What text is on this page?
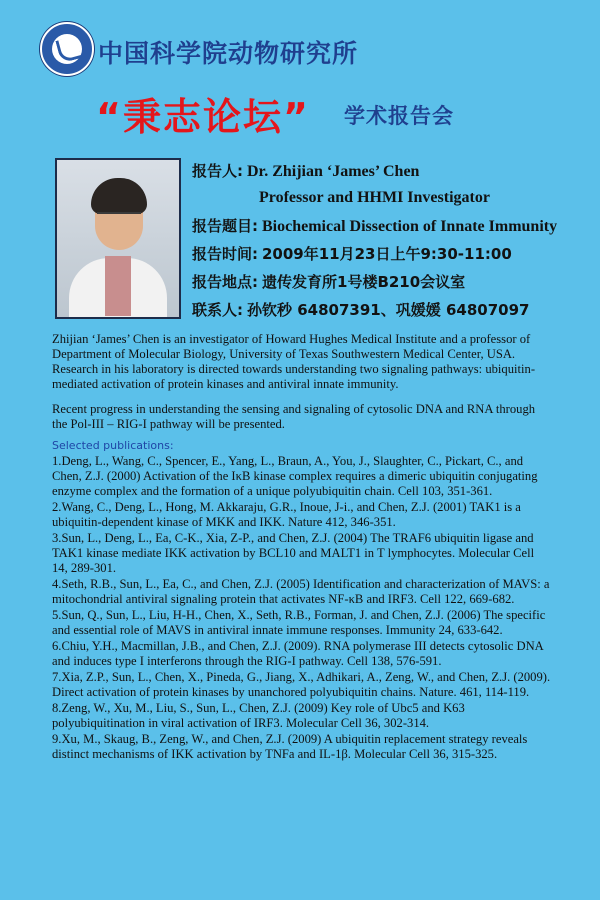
中国科学院动物研究所
“秉志论坛” 学术报告会
报告人: Dr. Zhijian ‘James’ Chen
Professor and HHMI Investigator
报告题目: Biochemical Dissection of Innate Immunity
报告时间: 2009年11月23日上午9:30-11:00
报告地点: 遗传发育所1号楼B210会议室
联系人: 孙钦秒 64807391、巩媛媛 64807097

Zhijian ‘James’ Chen is an investigator of Howard Hughes Medical Institute and a professor of Department of Molecular Biology, University of Texas Southwestern Medical Center, USA. Research in his laboratory is directed towards understanding two signaling pathways: ubiquitin-mediated activation of protein kinases and antiviral innate immunity.

Recent progress in understanding the sensing and signaling of cytosolic DNA and RNA through the Pol-III – RIG-I pathway will be presented.

Selected publications:

1.Deng, L., Wang, C., Spencer, E., Yang, L., Braun, A., You, J., Slaughter, C., Pickart, C., and Chen, Z.J. (2000) Activation of the IκB kinase complex requires a dimeric ubiquitin conjugating enzyme complex and the formation of a unique polyubiquitin chain. Cell 103, 351-361.

2.Wang, C., Deng, L., Hong, M. Akkaraju, G.R., Inoue, J-i., and Chen, Z.J. (2001) TAK1 is a ubiquitin-dependent kinase of MKK and IKK. Nature 412, 346-351.

3.Sun, L., Deng, L., Ea, C-K., Xia, Z-P., and Chen, Z.J. (2004) The TRAF6 ubiquitin ligase and TAK1 kinase mediate IKK activation by BCL10 and MALT1 in T lymphocytes. Molecular Cell 14, 289-301.

4.Seth, R.B., Sun, L., Ea, C., and Chen, Z.J. (2005) Identification and characterization of MAVS: a mitochondrial antiviral signaling protein that activates NF-κB and IRF3. Cell 122, 669-682.

5.Sun, Q., Sun, L., Liu, H-H., Chen, X., Seth, R.B., Forman, J. and Chen, Z.J. (2006) The specific and essential role of MAVS in antiviral innate immune responses. Immunity 24, 633-642.

6.Chiu, Y.H., Macmillan, J.B., and Chen, Z.J. (2009). RNA polymerase III detects cytosolic DNA and induces type I interferons through the RIG-I pathway. Cell 138, 576-591.

7.Xia, Z.P., Sun, L., Chen, X., Pineda, G., Jiang, X., Adhikari, A., Zeng, W., and Chen, Z.J. (2009). Direct activation of protein kinases by unanchored polyubiquitin chains. Nature. 461, 114-119.

8.Zeng, W., Xu, M., Liu, S., Sun, L., Chen, Z.J. (2009) Key role of Ubc5 and K63 polyubiquitination in viral activation of IRF3. Molecular Cell 36, 302-314.

9.Xu, M., Skaug, B., Zeng, W., and Chen, Z.J. (2009) A ubiquitin replacement strategy reveals distinct mechanisms of IKK activation by TNFa and IL-1β. Molecular Cell 36, 315-325.
